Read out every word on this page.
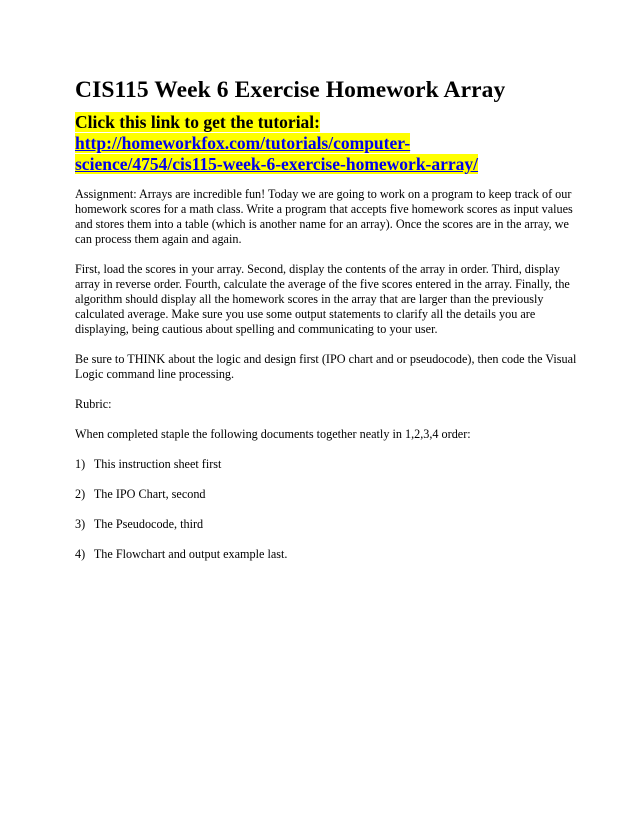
CIS115 Week 6 Exercise Homework Array
Click this link to get the tutorial:
http://homeworkfox.com/tutorials/computer-
science/4754/cis115-week-6-exercise-homework-array/
Assignment: Arrays are incredible fun! Today we are going to work on a program to keep track of our homework scores for a math class. Write a program that accepts five homework scores as input values and stores them into a table (which is another name for an array). Once the scores are in the array, we can process them again and again.
First, load the scores in your array. Second, display the contents of the array in order. Third, display array in reverse order. Fourth, calculate the average of the five scores entered in the array. Finally, the algorithm should display all the homework scores in the array that are larger than the previously calculated average. Make sure you use some output statements to clarify all the details you are displaying, being cautious about spelling and communicating to your user.
Be sure to THINK about the logic and design first (IPO chart and or pseudocode), then code the Visual Logic command line processing.
Rubric:
When completed staple the following documents together neatly in 1,2,3,4 order:
1) This instruction sheet first
2) The IPO Chart, second
3) The Pseudocode, third
4) The Flowchart and output example last.
